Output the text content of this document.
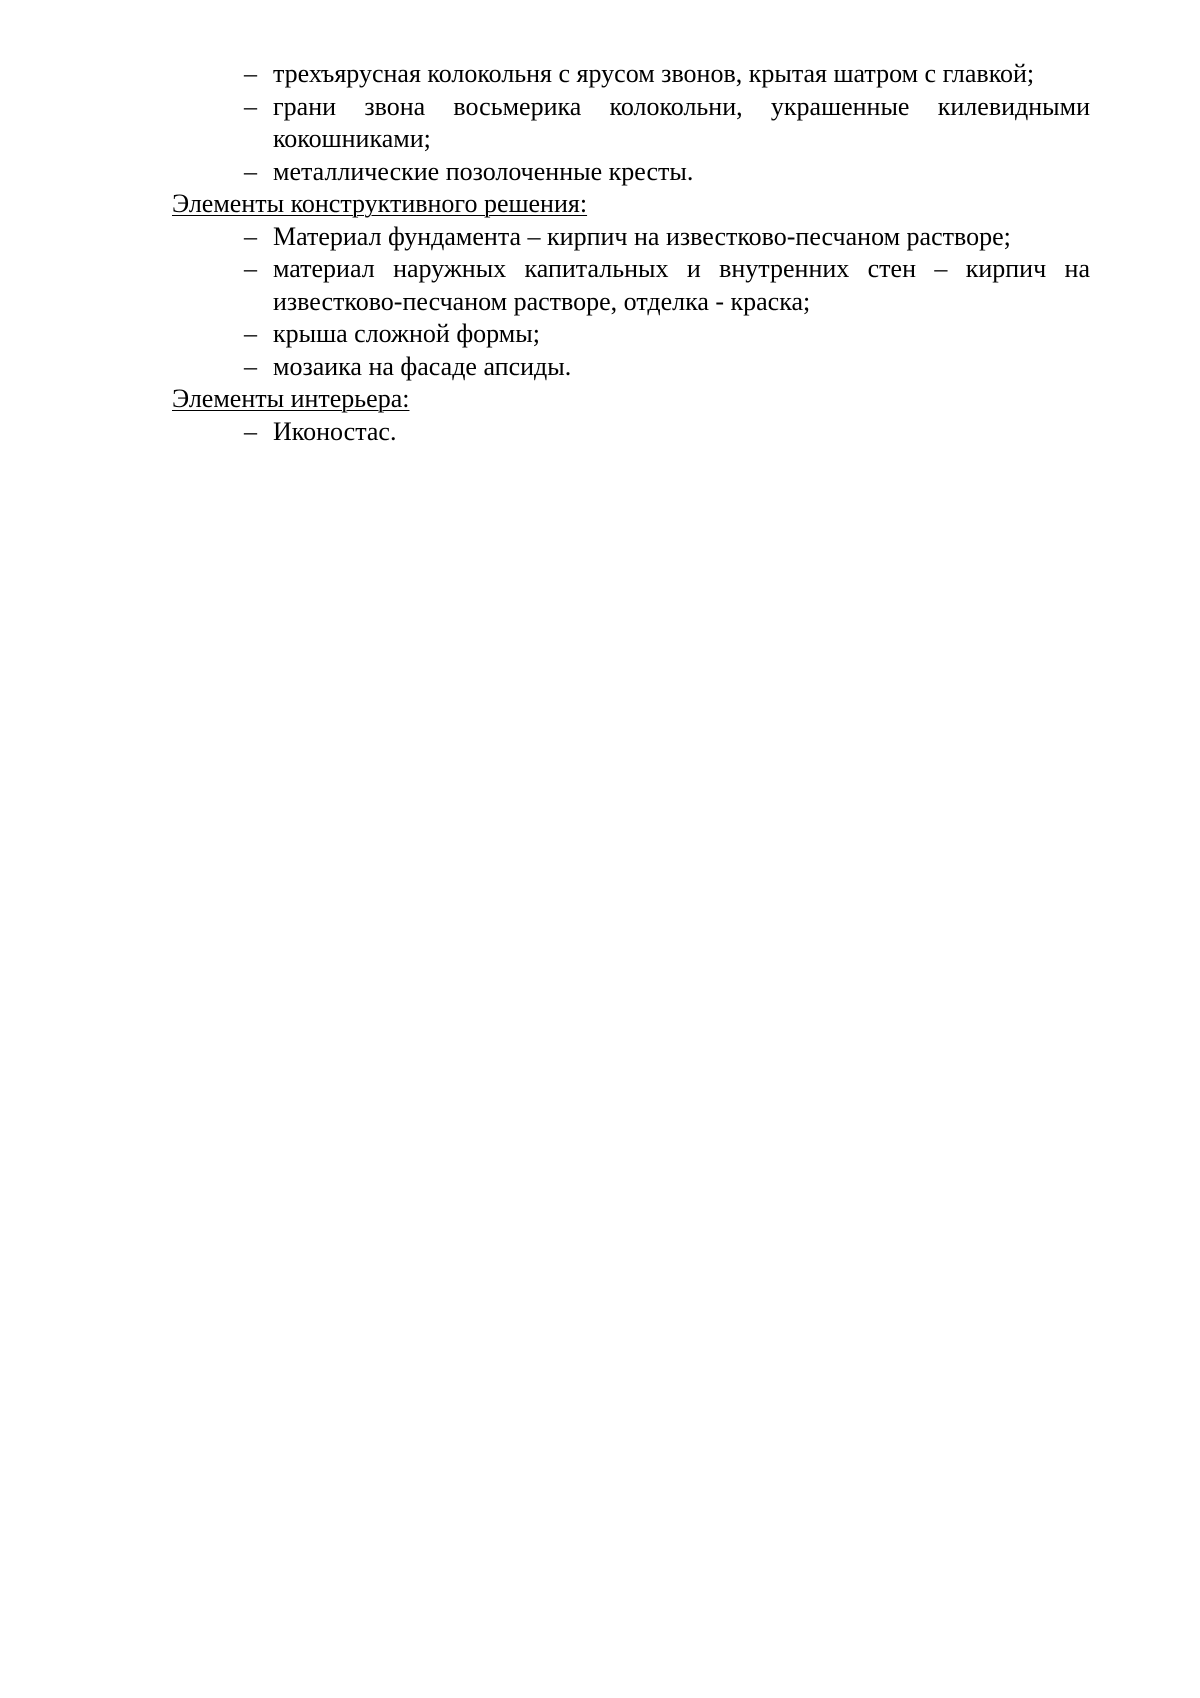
– трехъярусная колокольня с ярусом звонов, крытая шатром с главкой;
– грани звона восьмерика колокольни, украшенные килевидными кокошниками;
– металлические позолоченные кресты.

Элементы конструктивного решения:

– Материал фундамента – кирпич на известково-песчаном растворе;
– материал наружных капитальных и внутренних стен – кирпич на известково-песчаном растворе, отделка - краска;
– крыша сложной формы;
– мозаика на фасаде апсиды.

Элементы интерьера:

– Иконостас.
